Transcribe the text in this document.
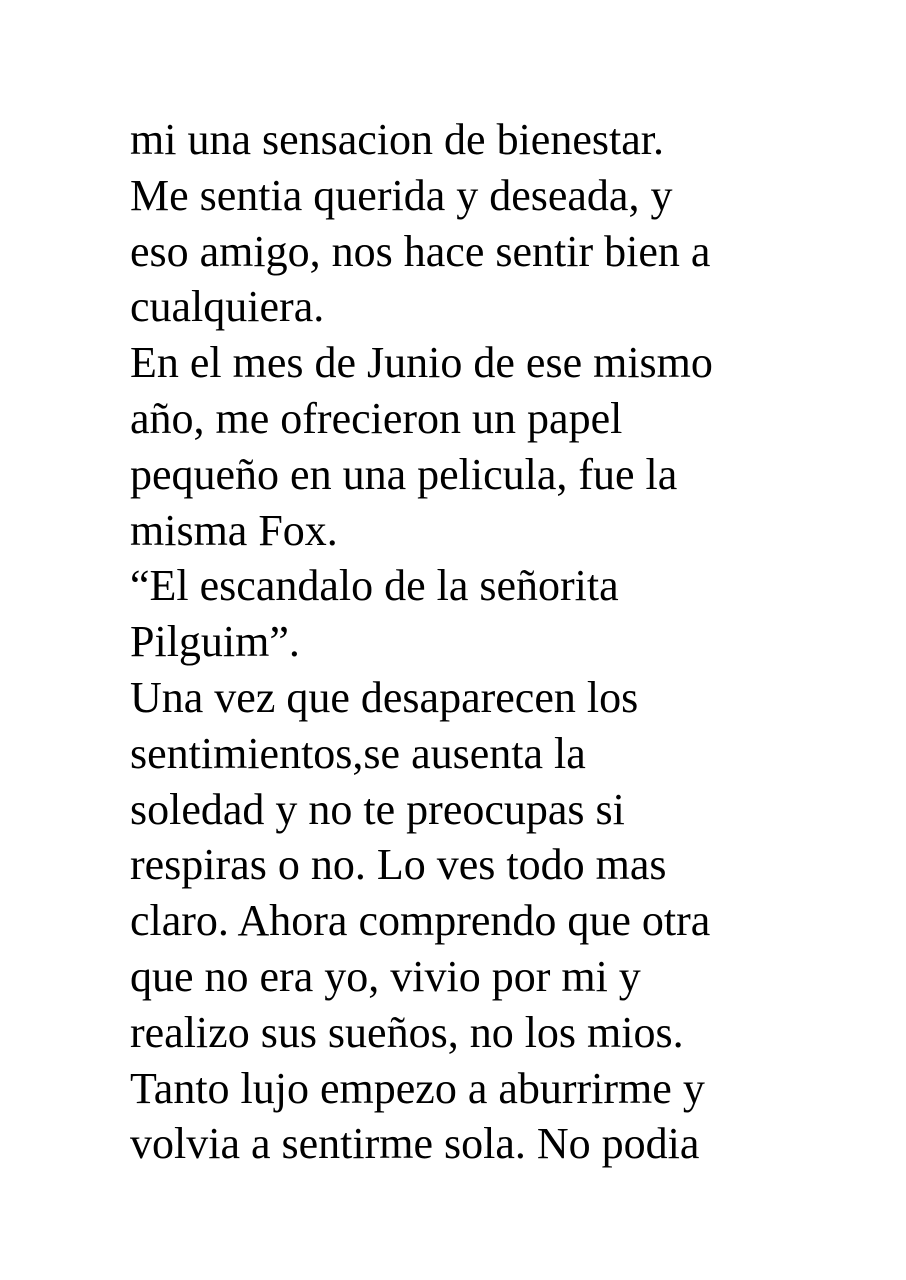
mi una sensacion de bienestar.
Me sentia querida y deseada, y
eso amigo, nos hace sentir bien a
cualquiera.
En el mes de Junio de ese mismo
año, me ofrecieron un papel
pequeño en una pelicula, fue la
misma Fox.
“El escandalo de la señorita
Pilguim”.
Una vez que desaparecen los
sentimientos,se ausenta la
soledad y no te preocupas si
respiras o no. Lo ves todo mas
claro. Ahora comprendo que otra
que no era yo, vivio por mi y
realizo sus sueños, no los mios.
Tanto lujo empezo a aburrirme y
volvia a sentirme sola. No podia
